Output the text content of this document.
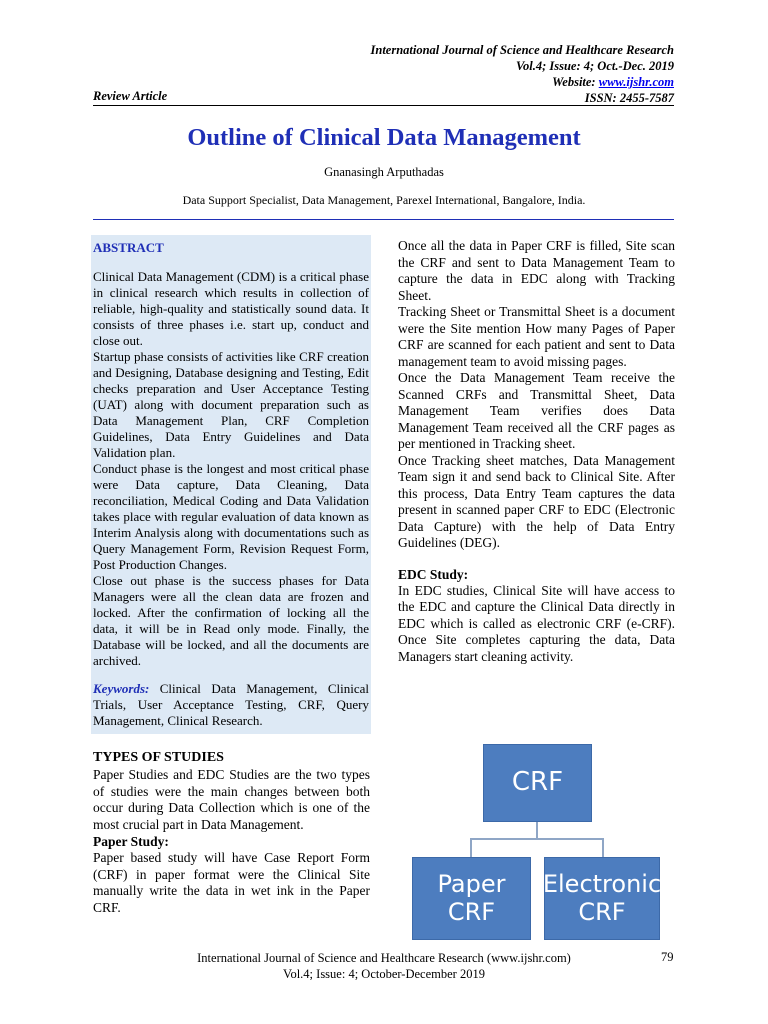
International Journal of Science and Healthcare Research
Vol.4; Issue: 4; Oct.-Dec. 2019
Website: www.ijshr.com
ISSN: 2455-7587
Review Article
Outline of Clinical Data Management
Gnanasingh Arputhadas
Data Support Specialist, Data Management, Parexel International, Bangalore, India.
ABSTRACT

Clinical Data Management (CDM) is a critical phase in clinical research which results in collection of reliable, high-quality and statistically sound data. It consists of three phases i.e. start up, conduct and close out.

Startup phase consists of activities like CRF creation and Designing, Database designing and Testing, Edit checks preparation and User Acceptance Testing (UAT) along with document preparation such as Data Management Plan, CRF Completion Guidelines, Data Entry Guidelines and Data Validation plan.

Conduct phase is the longest and most critical phase were Data capture, Data Cleaning, Data reconciliation, Medical Coding and Data Validation takes place with regular evaluation of data known as Interim Analysis along with documentations such as Query Management Form, Revision Request Form, Post Production Changes.

Close out phase is the success phases for Data Managers were all the clean data are frozen and locked. After the confirmation of locking all the data, it will be in Read only mode. Finally, the Database will be locked, and all the documents are archived.

Keywords: Clinical Data Management, Clinical Trials, User Acceptance Testing, CRF, Query Management, Clinical Research.

TYPES OF STUDIES

Paper Studies and EDC Studies are the two types of studies were the main changes between both occur during Data Collection which is one of the most crucial part in Data Management.

Paper Study:

Paper based study will have Case Report Form (CRF) in paper format were the Clinical Site manually write the data in wet ink in the Paper CRF.

Once all the data in Paper CRF is filled, Site scan the CRF and sent to Data Management Team to capture the data in EDC along with Tracking Sheet.

Tracking Sheet or Transmittal Sheet is a document were the Site mention How many Pages of Paper CRF are scanned for each patient and sent to Data management team to avoid missing pages.

Once the Data Management Team receive the Scanned CRFs and Transmittal Sheet, Data Management Team verifies does Data Management Team received all the CRF pages as per mentioned in Tracking sheet.

Once Tracking sheet matches, Data Management Team sign it and send back to Clinical Site. After this process, Data Entry Team captures the data present in scanned paper CRF to EDC (Electronic Data Capture) with the help of Data Entry Guidelines (DEG).

EDC Study:

In EDC studies, Clinical Site will have access to the EDC and capture the Clinical Data directly in EDC which is called as electronic CRF (e-CRF). Once Site completes capturing the data, Data Managers start cleaning activity.

CRF
Paper CRF
Electronic CRF
International Journal of Science and Healthcare Research (www.ijshr.com)
Vol.4; Issue: 4; October-December 2019
79
